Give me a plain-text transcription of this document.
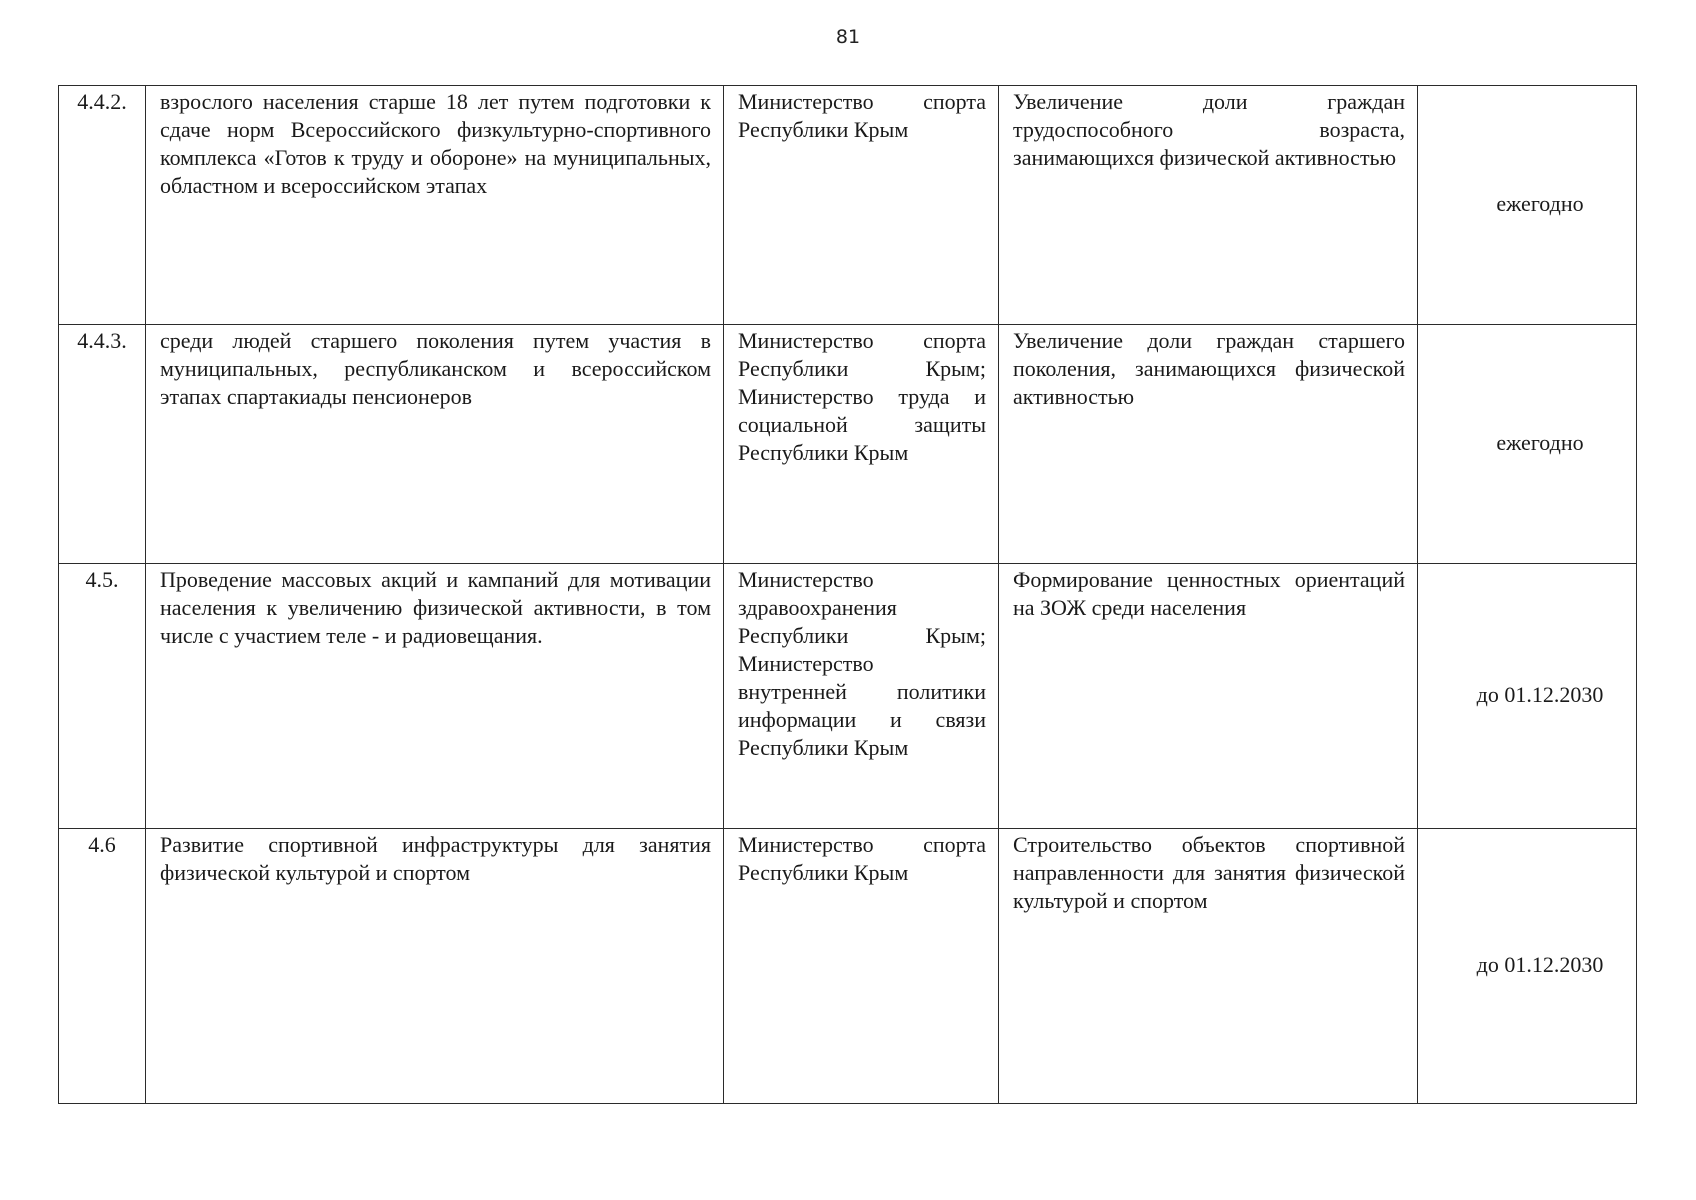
81
4.4.2.	взрослого населения старше 18 лет путем подготовки к сдаче норм Всероссийского физкультурно-спортивного комплекса «Готов к труду и обороне» на муниципальных, областном и всероссийском этапах	Министерство спорта Республики Крым	Увеличение доли граждан трудоспособного возраста, занимающихся физической активностью	ежегодно
4.4.3.	среди людей старшего поколения путем участия в муниципальных, республиканском и всероссийском этапах спартакиады пенсионеров	Министерство спорта Республики Крым; Министерство труда и социальной защиты Республики Крым	Увеличение доли граждан старшего поколения, занимающихся физической активностью	ежегодно
4.5.	Проведение массовых акций и кампаний для мотивации населения к увеличению физической активности, в том числе с участием теле - и радиовещания.	Министерство здравоохранения Республики Крым; Министерство внутренней политики информации и связи Республики Крым	Формирование ценностных ориентаций на ЗОЖ среди населения	до 01.12.2030
4.6	Развитие спортивной инфраструктуры для занятия физической культурой и спортом	Министерство спорта Республики Крым	Строительство объектов спортивной направленности для занятия физической культурой и спортом	до 01.12.2030
